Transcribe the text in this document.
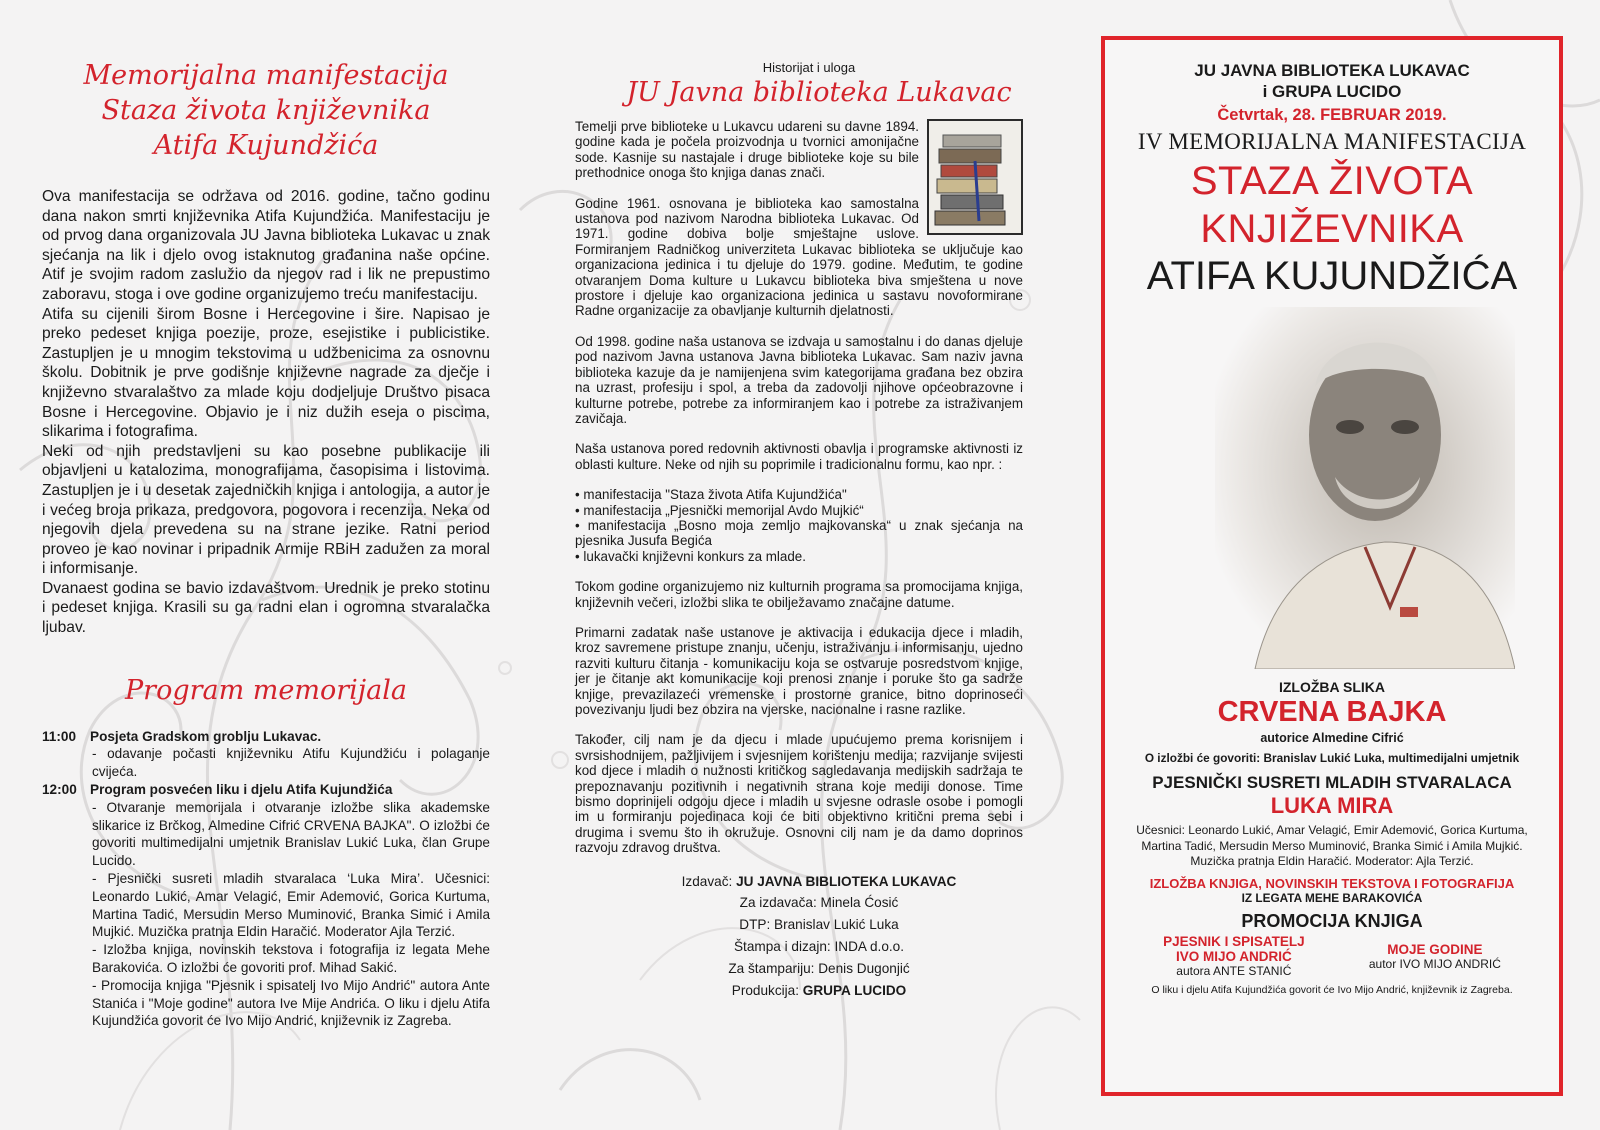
Memorijalna manifestacija
Staza života književnika
Atifa Kujundžića

Ova manifestacija se održava od 2016. godine, tačno godinu dana nakon smrti književnika Atifa Kujundžića. Manifestaciju je od prvog dana organizovala JU Javna biblioteka Lukavac u znak sjećanja na lik i djelo ovog istaknutog građanina naše općine. Atif je svojim radom zaslužio da njegov rad i lik ne prepustimo zaboravu, stoga i ove godine organizujemo treću manifestaciju.

Atifa su cijenili širom Bosne i Hercegovine i šire. Napisao je preko pedeset knjiga poezije, proze, esejistike i publicistike. Zastupljen je u mnogim tekstovima u udžbenicima za osnovnu školu. Dobitnik je prve godišnje književne nagrade za dječje i književno stvaralaštvo za mlade koju dodjeljuje Društvo pisaca Bosne i Hercegovine. Objavio je i niz dužih eseja o piscima, slikarima i fotografima.

Neki od njih predstavljeni su kao posebne publikacije ili objavljeni u katalozima, monografijama, časopisima i listovima. Zastupljen je i u desetak zajedničkih knjiga i antologija, a autor je i većeg broja prikaza, predgovora, pogovora i recenzija. Neka od njegovih djela prevedena su na strane jezike. Ratni period proveo je kao novinar i pripadnik Armije RBiH zadužen za moral i informisanje.

Dvanaest godina se bavio izdavaštvom. Urednik je preko stotinu i pedeset knjiga. Krasili su ga radni elan i ogromna stvaralačka ljubav.

Program memorijala
11:00	Posjeta Gradskom groblju Lukavac.
- odavanje počasti književniku Atifu Kujundžiću i polaganje cvijeća.
12:00 Program posvećen liku i djelu Atifa Kujundžića
- Otvaranje memorijala i otvaranje izložbe slika akademske slikarice iz Brčkog, Almedine Cifrić CRVENA BAJKA". O izložbi će govoriti multimedijalni umjetnik Branislav Lukić Luka, član Grupe Lucido.
- Pjesnički susreti mladih stvaralaca ‘Luka Mira’. Učesnici: Leonardo Lukić, Amar Velagić, Emir Ademović, Gorica Kurtuma, Martina Tadić, Mersudin Merso Muminović, Branka Simić i Amila Mujkić. Muzička pratnja Eldin Haračić. Moderator Ajla Terzić.
- Izložba knjiga, novinskih tekstova i fotografija iz legata Mehe Barakovića. O izložbi će govoriti prof. Mihad Sakić.
- Promocija knjiga "Pjesnik i spisatelj Ivo Mijo Andrić" autora Ante Stanića i "Moje godine" autora Ive Mije Andrića. O liku i djelu Atifa Kujundžića govorit će Ivo Mijo Andrić, književnik iz Zagreba.
Historijat i uloga
JU Javna biblioteka Lukavac

Temelji prve biblioteke u Lukavcu udareni su davne 1894. godine kada je počela proizvodnja u tvornici amonijačne sode. Kasnije su nastajale i druge biblioteke koje su bile prethodnice onoga što knjiga danas znači.

Godine 1961. osnovana je biblioteka kao samostalna ustanova pod nazivom Narodna biblioteka Lukavac. Od 1971. godine dobiva bolje smještajne uslove. Formiranjem Radničkog univerziteta Lukavac biblioteka se uključuje kao organizaciona jedinica i tu djeluje do 1979. godine. Međutim, te godine otvaranjem Doma kulture u Lukavcu biblioteka biva smještena u nove prostore i djeluje kao organizaciona jedinica u sastavu novoformirane Radne organizacije za obavljanje kulturnih djelatnosti.

Od 1998. godine naša ustanova se izdvaja u samostalnu i do danas djeluje pod nazivom Javna ustanova Javna biblioteka Lukavac. Sam naziv javna biblioteka kazuje da je namijenjena svim kategorijama građana bez obzira na uzrast, profesiju i spol, a treba da zadovolji njihove općeobrazovne i kulturne potrebe, potrebe za informiranjem kao i potrebe za istraživanjem zavičaja.

Naša ustanova pored redovnih aktivnosti obavlja i programske aktivnosti iz oblasti kulture. Neke od njih su poprimile i tradicionalnu formu, kao npr. :

• manifestacija "Staza života Atifa Kujundžića"
• manifestacija „Pjesnički memorijal Avdo Mujkić“
• manifestacija „Bosno moja zemljo majkovanska“ u znak sjećanja na pjesnika Jusufa Begića
• lukavački književni konkurs za mlade.

Tokom godine organizujemo niz kulturnih programa sa promocijama knjiga, književnih večeri, izložbi slika te obilježavamo značajne datume.

Primarni zadatak naše ustanove je aktivacija i edukacija djece i mladih, kroz savremene pristupe znanju, učenju, istraživanju i informisanju, ujedno razviti kulturu čitanja - komunikaciju koja se ostvaruje posredstvom knjige, jer je čitanje akt komunikacije koji prenosi znanje i poruke što ga sadrže knjige, prevazilazeći vremenske i prostorne granice, bitno doprinoseći povezivanju ljudi bez obzira na vjerske, nacionalne i rasne razlike.

Također, cilj nam je da djecu i mlade upućujemo prema korisnijem i svrsishodnijem, pažljivijem i svjesnijem korištenju medija; razvijanje svijesti kod djece i mladih o nužnosti kritičkog sagledavanja medijskih sadržaja te prepoznavanju pozitivnih i negativnih strana koje mediji donose. Time bismo doprinijeli odgoju djece i mladih u svjesne odrasle osobe i pomogli im u formiranju pojedinaca koji će biti objektivno kritični prema sebi i drugima i svemu što ih okružuje. Osnovni cilj nam je da damo doprinos razvoju zdravog društva.

Izdavač: JU JAVNA BIBLIOTEKA LUKAVAC
Za izdavača: Minela Ćosić
DTP: Branislav Lukić Luka
Štampa i dizajn: INDA d.o.o.
Za štampariju: Denis Dugonjić
Produkcija: GRUPA LUCIDO
JU JAVNA BIBLIOTEKA LUKAVAC
i GRUPA LUCIDO
Četvrtak, 28. FEBRUAR 2019.
IV MEMORIJALNA MANIFESTACIJA
STAZA ŽIVOTA
KNJIŽEVNIKA
ATIFA KUJUNDŽIĆA
IZLOŽBA SLIKA
CRVENA BAJKA
autorice Almedine Cifrić
O izložbi će govoriti: Branislav Lukić Luka, multimedijalni umjetnik
PJESNIČKI SUSRETI MLADIH STVARALACA
LUKA MIRA
Učesnici: Leonardo Lukić, Amar Velagić, Emir Ademović, Gorica Kurtuma, Martina Tadić, Mersudin Merso Muminović, Branka Simić i Amila Mujkić.
Muzička pratnja Eldin Haračić. Moderator: Ajla Terzić.
IZLOŽBA KNJIGA, NOVINSKIH TEKSTOVA I FOTOGRAFIJA
IZ LEGATA MEHE BARAKOVIĆA
PROMOCIJA KNJIGA
PJESNIK I SPISATELJ
IVO MIJO ANDRIĆ
autora ANTE STANIĆ
MOJE GODINE
autor IVO MIJO ANDRIĆ
O liku i djelu Atifa Kujundžića govorit će Ivo Mijo Andrić, književnik iz Zagreba.
